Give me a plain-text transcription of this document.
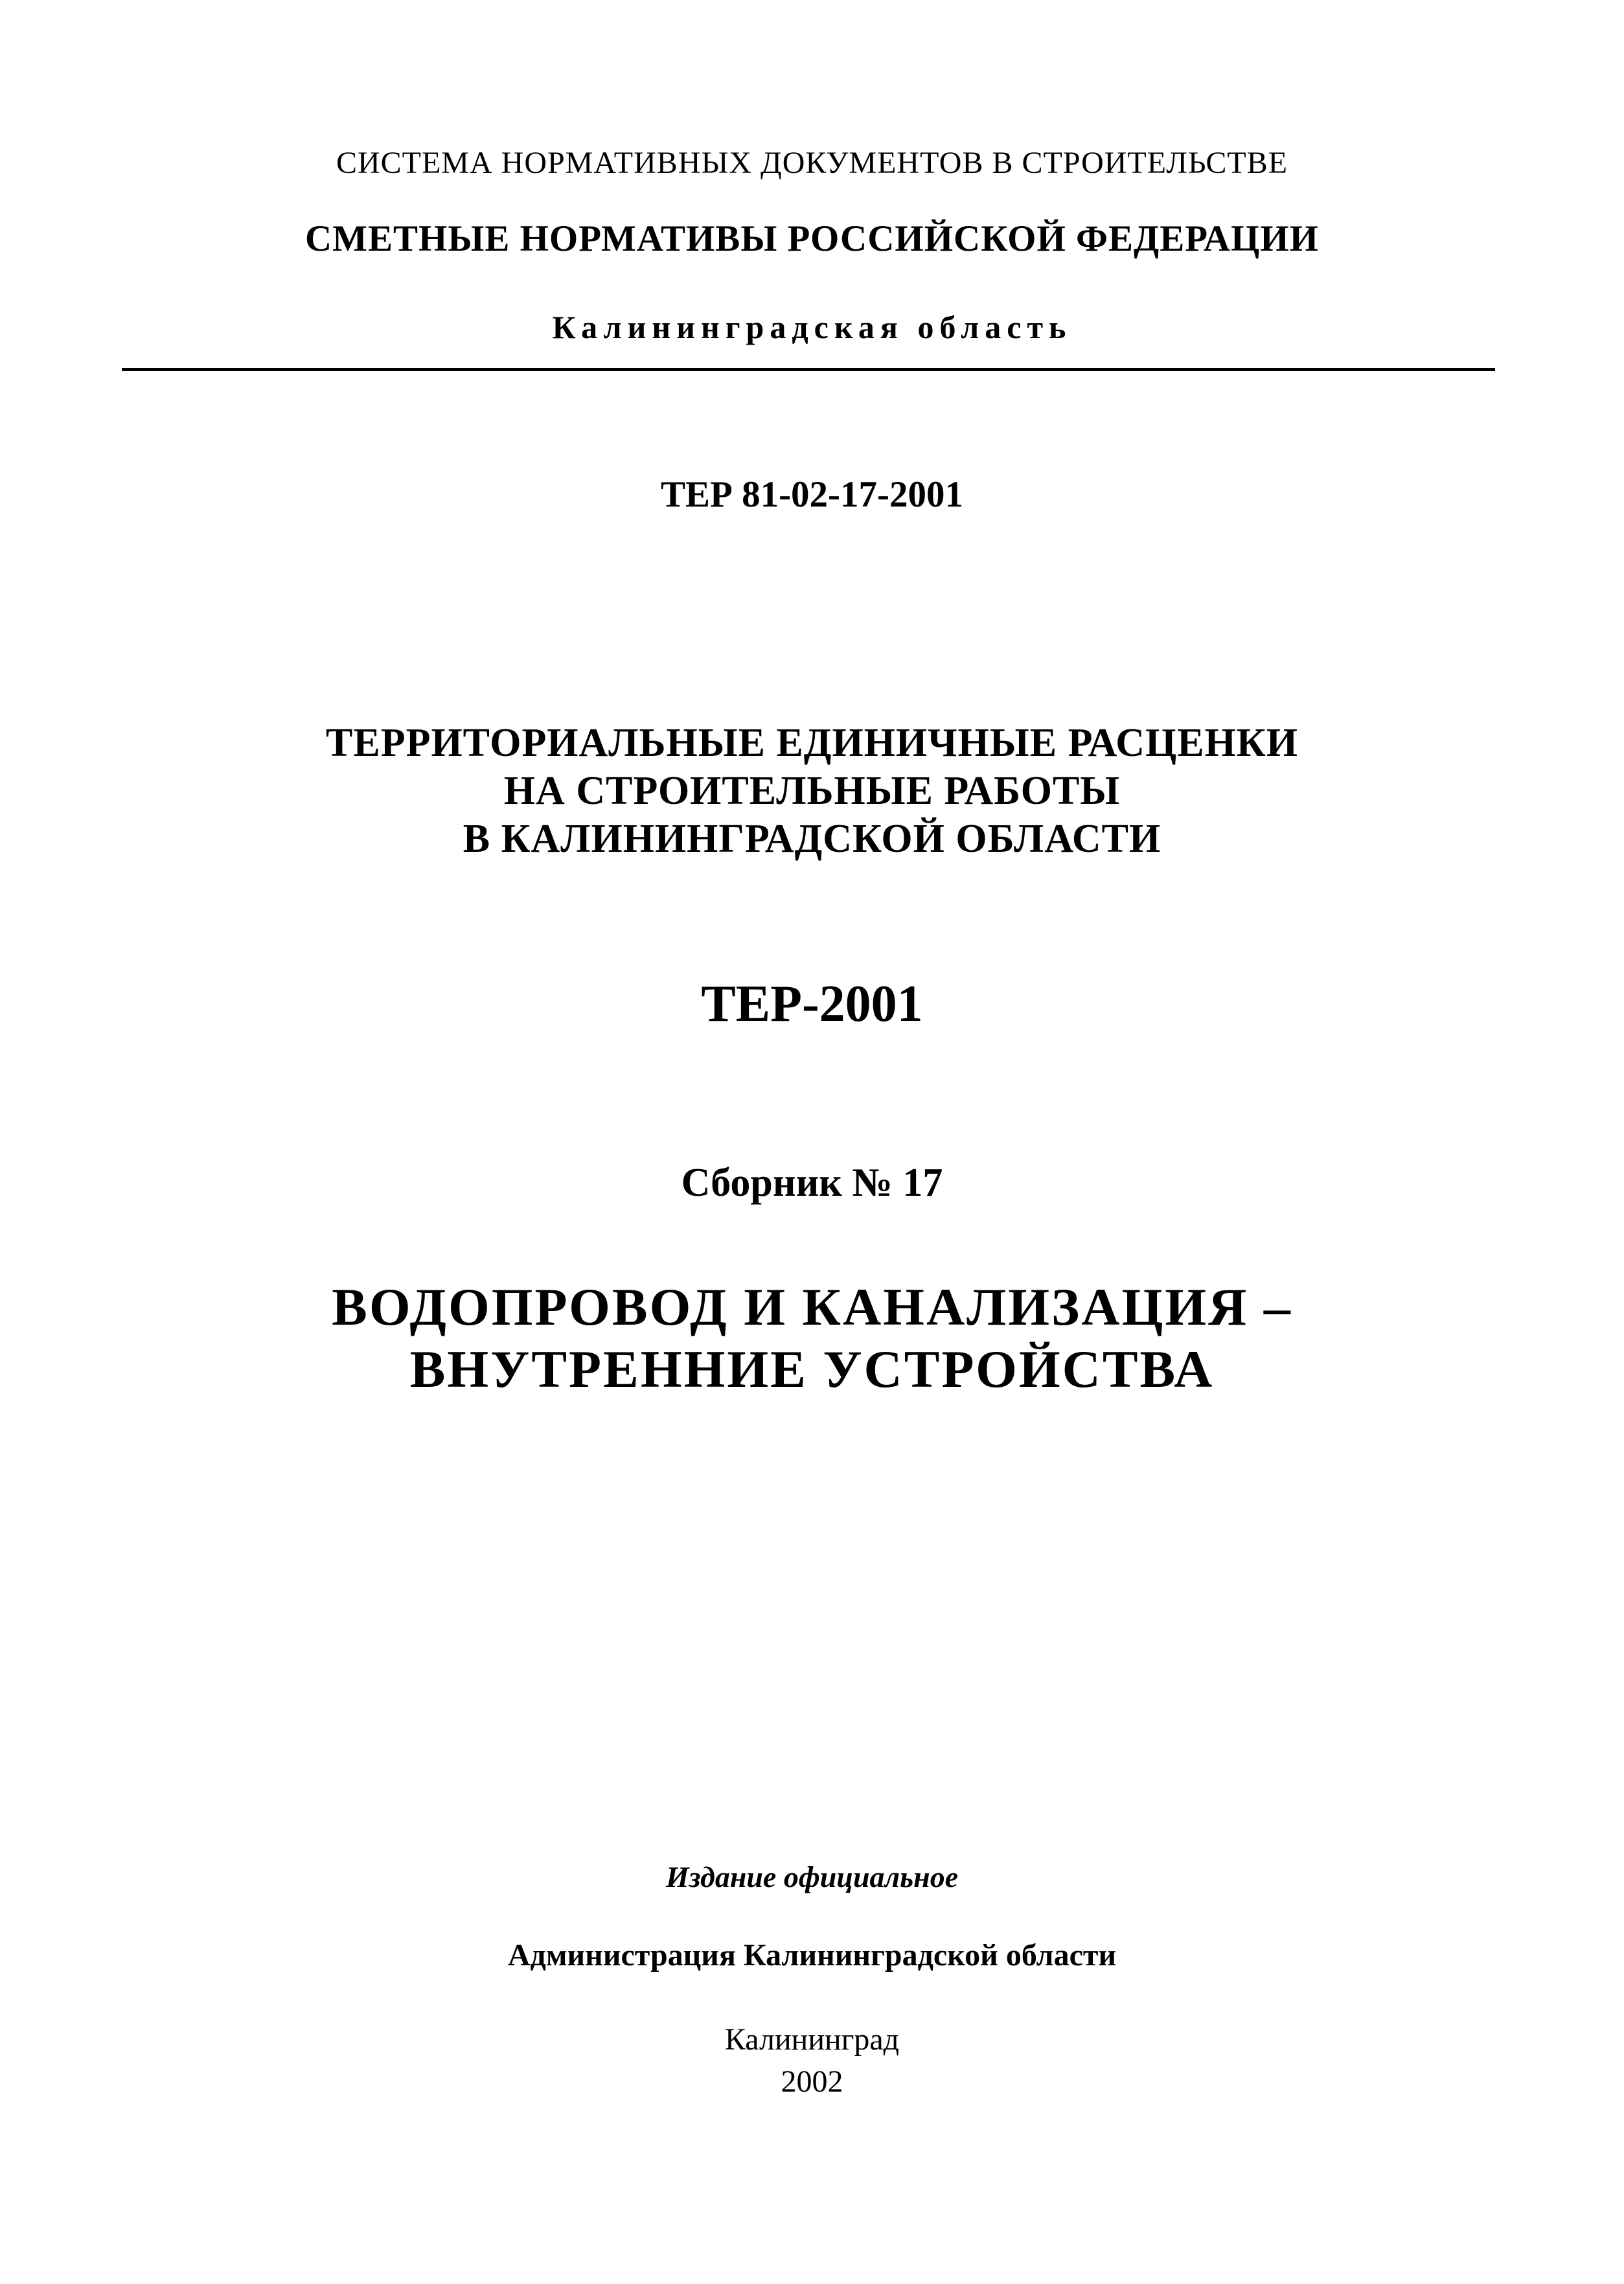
СИСТЕМА НОРМАТИВНЫХ ДОКУМЕНТОВ В СТРОИТЕЛЬСТВЕ
СМЕТНЫЕ НОРМАТИВЫ РОССИЙСКОЙ ФЕДЕРАЦИИ
Калининградская область
ТЕР 81-02-17-2001
ТЕРРИТОРИАЛЬНЫЕ ЕДИНИЧНЫЕ РАСЦЕНКИ
НА СТРОИТЕЛЬНЫЕ РАБОТЫ
В КАЛИНИНГРАДСКОЙ ОБЛАСТИ
ТЕР-2001
Сборник № 17
ВОДОПРОВОД И КАНАЛИЗАЦИЯ –
ВНУТРЕННИЕ УСТРОЙСТВА
Издание официальное
Администрация Калининградской области
Калининград
2002
